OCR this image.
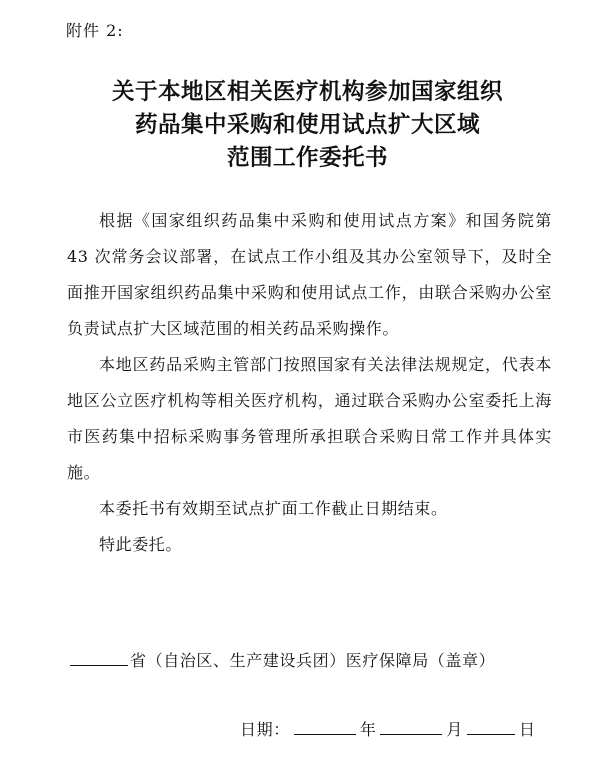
附件 2:
关于本地区相关医疗机构参加国家组织
药品集中采购和使用试点扩大区域
范围工作委托书

根据《国家组织药品集中采购和使用试点方案》和国务院第 43 次常务会议部署，在试点工作小组及其办公室领导下，及时全面推开国家组织药品集中采购和使用试点工作，由联合采购办公室负责试点扩大区域范围的相关药品采购操作。

本地区药品采购主管部门按照国家有关法律法规规定，代表本地区公立医疗机构等相关医疗机构，通过联合采购办公室委托上海市医药集中招标采购事务管理所承担联合采购日常工作并具体实施。

本委托书有效期至试点扩面工作截止日期结束。

特此委托。

省（自治区、生产建设兵团）医疗保障局（盖章）
日期：	年	月	日
